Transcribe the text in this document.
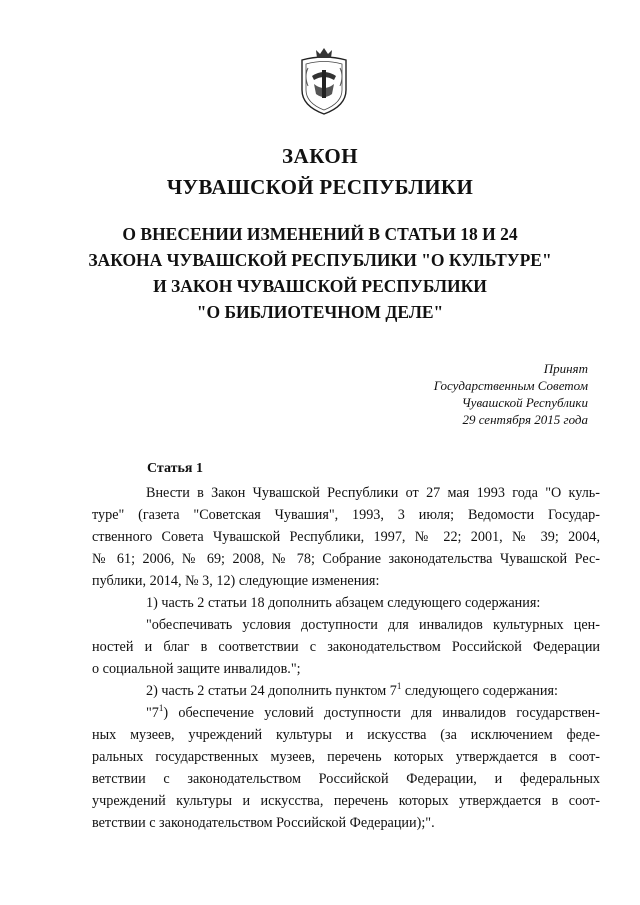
ЗАКОН
ЧУВАШСКОЙ РЕСПУБЛИКИ
О ВНЕСЕНИИ ИЗМЕНЕНИЙ В СТАТЬИ 18 И 24
ЗАКОНА ЧУВАШСКОЙ РЕСПУБЛИКИ "О КУЛЬТУРЕ"
И ЗАКОН ЧУВАШСКОЙ РЕСПУБЛИКИ
"О БИБЛИОТЕЧНОМ ДЕЛЕ"
Принят
Государственным Советом
Чувашской Республики
29 сентября 2015 года
Статья 1
Внести в Закон Чувашской Республики от 27 мая 1993 года "О куль-
туре" (газета "Советская Чувашия", 1993, 3 июля; Ведомости Государ-
ственного Совета Чувашской Республики, 1997, № 22; 2001, № 39; 2004,
№ 61; 2006, № 69; 2008, № 78; Собрание законодательства Чувашской Рес-
публики, 2014, № 3, 12) следующие изменения:
1) часть 2 статьи 18 дополнить абзацем следующего содержания:
"обеспечивать условия доступности для инвалидов культурных цен-
ностей и благ в соответствии с законодательством Российской Федерации
о социальной защите инвалидов.";
2) часть 2 статьи 24 дополнить пунктом $7^1$ следующего содержания:
"$7^1$) обеспечение условий доступности для инвалидов государствен-
ных музеев, учреждений культуры и искусства (за исключением феде-
ральных государственных музеев, перечень которых утверждается в соот-
ветствии с законодательством Российской Федерации, и федеральных
учреждений культуры и искусства, перечень которых утверждается в соот-
ветствии с законодательством Российской Федерации);".
